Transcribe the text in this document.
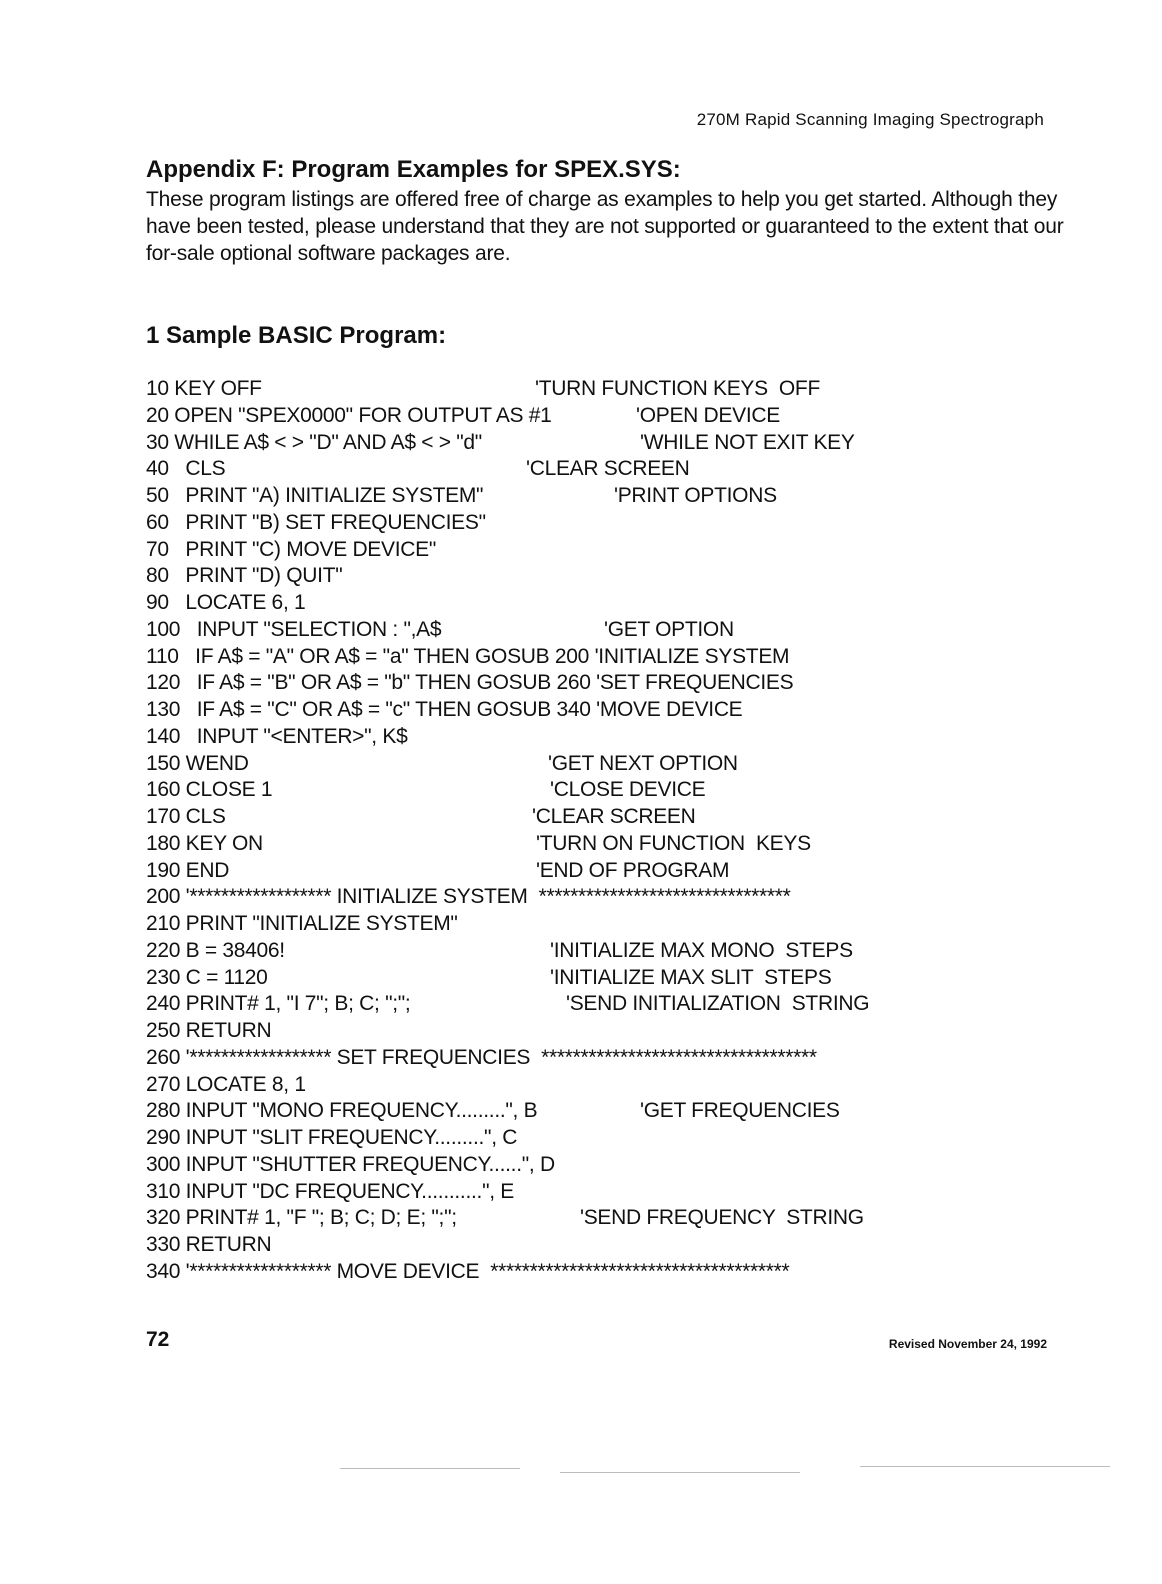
270M Rapid Scanning Imaging Spectrograph
Appendix F: Program Examples for SPEX.SYS:

These program listings are offered free of charge as examples to help you get started. Although they have been tested, please understand that they are not supported or guaranteed to the extent that our for-sale optional software packages are.

1 Sample BASIC Program:
10 KEY OFF	'TURN FUNCTION KEYS  OFF
20 OPEN "SPEX0000" FOR OUTPUT AS #1	'OPEN DEVICE
30 WHILE A$ < > "D" AND A$ < > "d"	'WHILE NOT EXIT KEY
40   CLS	'CLEAR SCREEN
50   PRINT "A) INITIALIZE SYSTEM"	'PRINT OPTIONS
60   PRINT "B) SET FREQUENCIES"
70   PRINT "C) MOVE DEVICE"
80   PRINT "D) QUIT"
90   LOCATE 6, 1
100   INPUT "SELECTION : ",A$	'GET OPTION
110   IF A$ = "A" OR A$ = "a" THEN GOSUB 200 'INITIALIZE SYSTEM
120   IF A$ = "B" OR A$ = "b" THEN GOSUB 260 'SET FREQUENCIES
130   IF A$ = "C" OR A$ = "c" THEN GOSUB 340 'MOVE DEVICE
140   INPUT "<ENTER>", K$
150 WEND	'GET NEXT OPTION
160 CLOSE 1	'CLOSE DEVICE
170 CLS	'CLEAR SCREEN
180 KEY ON	'TURN ON FUNCTION  KEYS
190 END	'END OF PROGRAM
200 '****************** INITIALIZE SYSTEM  ********************************
210 PRINT "INITIALIZE SYSTEM"
220 B = 38406!	'INITIALIZE MAX MONO  STEPS
230 C = 1120	'INITIALIZE MAX SLIT  STEPS
240 PRINT# 1, "I 7"; B; C; ";";	'SEND INITIALIZATION  STRING
250 RETURN
260 '****************** SET FREQUENCIES  ***********************************
270 LOCATE 8, 1
280 INPUT "MONO FREQUENCY.........", B	'GET FREQUENCIES
290 INPUT "SLIT FREQUENCY.........", C
300 INPUT "SHUTTER FREQUENCY......", D
310 INPUT "DC FREQUENCY...........", E
320 PRINT# 1, "F "; B; C; D; E; ";";	'SEND FREQUENCY  STRING
330 RETURN
340 '****************** MOVE DEVICE  **************************************
72	Revised November 24, 1992
